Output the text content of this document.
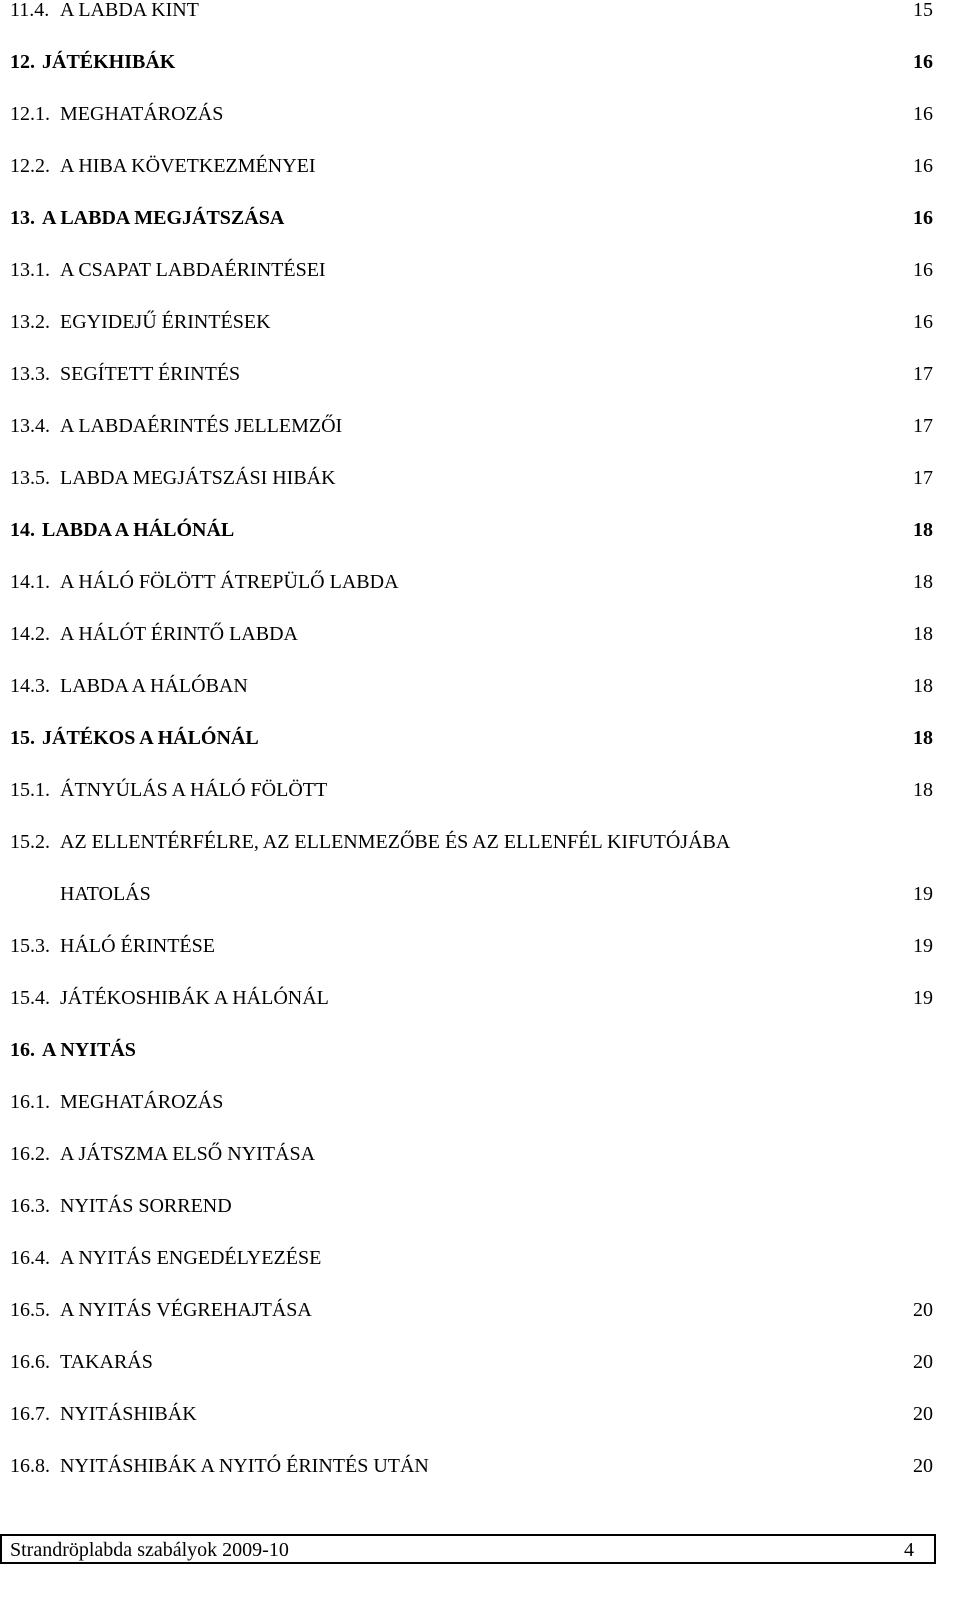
11.4. A LABDA KINT	15
12. JÁTÉKHIBÁK	16
12.1. MEGHATÁROZÁS	16
12.2. A HIBA KÖVETKEZMÉNYEI	16
13. A LABDA MEGJÁTSZÁSA	16
13.1. A CSAPAT LABDAÉRINTÉSEI	16
13.2. EGYIDEJŰ ÉRINTÉSEK	16
13.3. SEGÍTETT ÉRINTÉS	17
13.4. A LABDAÉRINTÉS JELLEMZŐI	17
13.5. LABDA MEGJÁTSZÁSI HIBÁK	17
14. LABDA A HÁLÓNÁL	18
14.1. A HÁLÓ FÖLÖTT ÁTREPÜLŐ LABDA	18
14.2. A HÁLÓT ÉRINTŐ LABDA	18
14.3. LABDA A HÁLÓBAN	18
15. JÁTÉKOS A HÁLÓNÁL	18
15.1. ÁTNYÚLÁS A HÁLÓ FÖLÖTT	18
15.2. AZ ELLENTÉRFÉLRE, AZ ELLENMEZŐBE ÉS AZ ELLENFÉL KIFUTÓJÁBA
HATOLÁS	19
15.3. HÁLÓ ÉRINTÉSE	19
15.4. JÁTÉKOSHIBÁK A HÁLÓNÁL	19
16. A NYITÁS
16.1. MEGHATÁROZÁS
16.2. A JÁTSZMA ELSŐ NYITÁSA
16.3. NYITÁS SORREND
16.4. A NYITÁS ENGEDÉLYEZÉSE
16.5. A NYITÁS VÉGREHAJTÁSA	20
16.6. TAKARÁS	20
16.7. NYITÁSHIBÁK	20
16.8. NYITÁSHIBÁK A NYITÓ ÉRINTÉS UTÁN	20
Strandröplabda szabályok 2009-10	4
